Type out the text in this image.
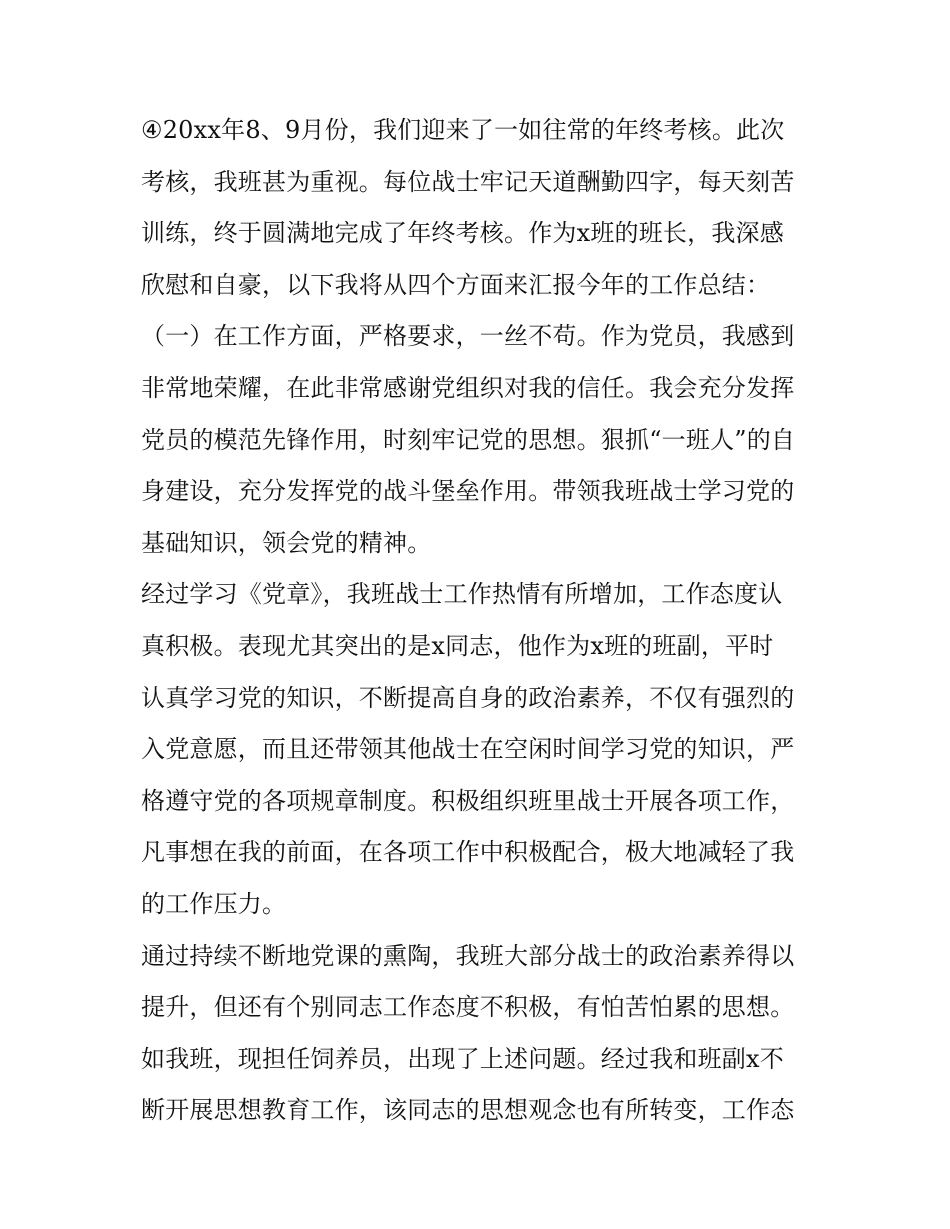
④20xx年8、9月份，我们迎来了一如往常的年终考核。此次
考核，我班甚为重视。每位战士牢记天道酬勤四字，每天刻苦
训练，终于圆满地完成了年终考核。作为x班的班长，我深感
欣慰和自豪，以下我将从四个方面来汇报今年的工作总结：
（一）在工作方面，严格要求，一丝不苟。作为党员，我感到
非常地荣耀，在此非常感谢党组织对我的信任。我会充分发挥
党员的模范先锋作用，时刻牢记党的思想。狠抓“一班人”的自
身建设，充分发挥党的战斗堡垒作用。带领我班战士学习党的
基础知识，领会党的精神。
经过学习《党章》，我班战士工作热情有所增加，工作态度认
真积极。表现尤其突出的是x同志，他作为x班的班副，平时
认真学习党的知识，不断提高自身的政治素养，不仅有强烈的
入党意愿，而且还带领其他战士在空闲时间学习党的知识，严
格遵守党的各项规章制度。积极组织班里战士开展各项工作，
凡事想在我的前面，在各项工作中积极配合，极大地减轻了我
的工作压力。
通过持续不断地党课的熏陶，我班大部分战士的政治素养得以
提升，但还有个别同志工作态度不积极，有怕苦怕累的思想。
如我班，现担任饲养员，出现了上述问题。经过我和班副x不
断开展思想教育工作，该同志的思想观念也有所转变，工作态
